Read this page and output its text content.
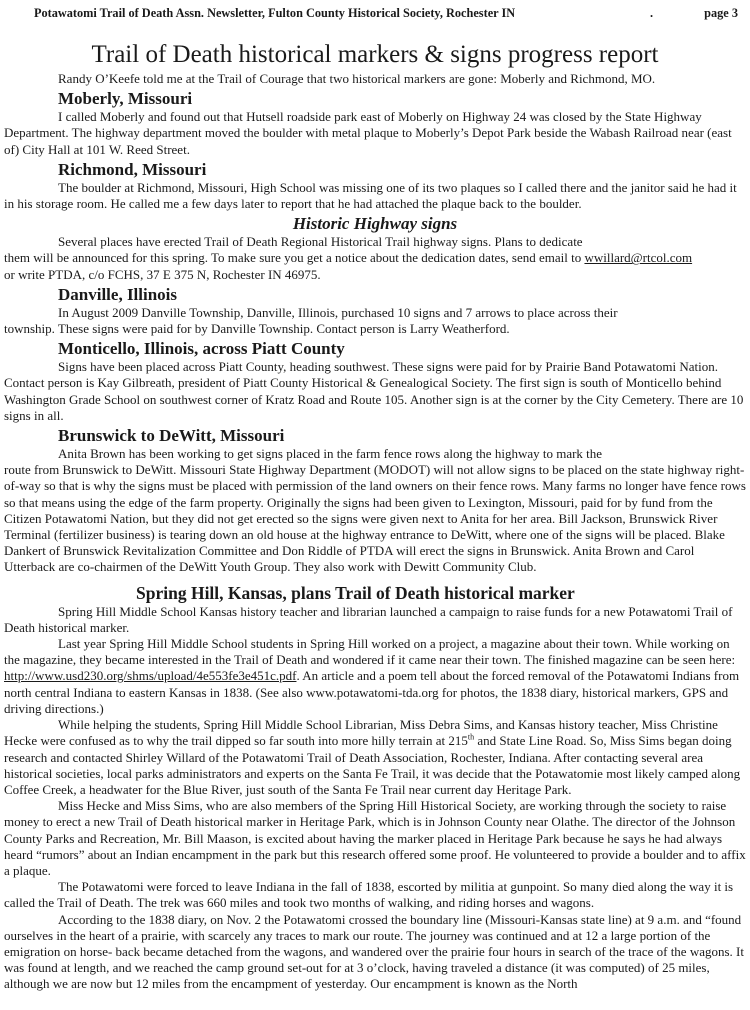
Potawatomi Trail of Death Assn. Newsletter, Fulton County Historical Society, Rochester IN	.	page 3
Trail of Death historical markers & signs progress report

Randy O’Keefe told me at the Trail of Courage that two historical markers are gone: Moberly and Richmond, MO.

Moberly, Missouri

I called Moberly and found out that Hutsell roadside park east of Moberly on Highway 24 was closed by the State Highway Department. The highway department moved the boulder with metal plaque to Moberly’s Depot Park beside the Wabash Railroad near (east of) City Hall at 101 W. Reed Street.

Richmond, Missouri

The boulder at Richmond, Missouri, High School was missing one of its two plaques so I called there and the janitor said he had it in his storage room. He called me a few days later to report that he had attached the plaque back to the boulder.

Historic Highway signs

Several places have erected Trail of Death Regional Historical Trail highway signs. Plans to dedicate
them will be announced for this spring. To make sure you get a notice about the dedication dates, send email to wwillard@rtcol.com
or write PTDA, c/o FCHS, 37 E 375 N, Rochester IN 46975.

Danville, Illinois

In August 2009 Danville Township, Danville, Illinois, purchased 10 signs and 7 arrows to place across their
township. These signs were paid for by Danville Township. Contact person is Larry Weatherford.

Monticello, Illinois, across Piatt County

Signs have been placed across Piatt County, heading southwest. These signs were paid for by Prairie Band Potawatomi Nation. Contact person is Kay Gilbreath, president of Piatt County Historical & Genealogical Society. The first sign is south of Monticello behind Washington Grade School on southwest corner of Kratz Road and Route 105. Another sign is at the corner by the City Cemetery. There are 10 signs in all.

Brunswick to DeWitt, Missouri

Anita Brown has been working to get signs placed in the farm fence rows along the highway to mark the
route from Brunswick to DeWitt. Missouri State Highway Department (MODOT) will not allow signs to be placed on the state highway right-of-way so that is why the signs must be placed with permission of the land owners on their fence rows. Many farms no longer have fence rows so that means using the edge of the farm property. Originally the signs had been given to Lexington, Missouri, paid for by fund from the Citizen Potawatomi Nation, but they did not get erected so the signs were given next to Anita for her area. Bill Jackson, Brunswick River Terminal (fertilizer business) is tearing down an old house at the highway entrance to DeWitt, where one of the signs will be placed. Blake Dankert of Brunswick Revitalization Committee and Don Riddle of PTDA will erect the signs in Brunswick. Anita Brown and Carol Utterback are co-chairmen of the DeWitt Youth Group. They also work with Dewitt Community Club.

Spring Hill, Kansas, plans Trail of Death historical marker

Spring Hill Middle School Kansas history teacher and librarian launched a campaign to raise funds for a new Potawatomi Trail of Death historical marker.

Last year Spring Hill Middle School students in Spring Hill worked on a project, a magazine about their town. While working on the magazine, they became interested in the Trail of Death and wondered if it came near their town. The finished magazine can be seen here: http://www.usd230.org/shms/upload/4e553fe3e451c.pdf. An article and a poem tell about the forced removal of the Potawatomi Indians from north central Indiana to eastern Kansas in 1838. (See also www.potawatomi-tda.org for photos, the 1838 diary, historical markers, GPS and driving directions.)

While helping the students, Spring Hill Middle School Librarian, Miss Debra Sims, and Kansas history teacher, Miss Christine Hecke were confused as to why the trail dipped so far south into more hilly terrain at 215th and State Line Road. So, Miss Sims began doing research and contacted Shirley Willard of the Potawatomi Trail of Death Association, Rochester, Indiana. After contacting several area historical societies, local parks administrators and experts on the Santa Fe Trail, it was decide that the Potawatomie most likely camped along Coffee Creek, a headwater for the Blue River, just south of the Santa Fe Trail near current day Heritage Park.

Miss Hecke and Miss Sims, who are also members of the Spring Hill Historical Society, are working through the society to raise money to erect a new Trail of Death historical marker in Heritage Park, which is in Johnson County near Olathe. The director of the Johnson County Parks and Recreation, Mr. Bill Maason, is excited about having the marker placed in Heritage Park because he says he had always heard “rumors” about an Indian encampment in the park but this research offered some proof. He volunteered to provide a boulder and to affix a plaque.

The Potawatomi were forced to leave Indiana in the fall of 1838, escorted by militia at gunpoint. So many died along the way it is called the Trail of Death. The trek was 660 miles and took two months of walking, and riding horses and wagons.

According to the 1838 diary, on Nov. 2 the Potawatomi crossed the boundary line (Missouri-Kansas state line) at 9 a.m. and “found ourselves in the heart of a prairie, with scarcely any traces to mark our route. The journey was continued and at 12 a large portion of the emigration on horse- back became detached from the wagons, and wandered over the prairie four hours in search of the trace of the wagons. It was found at length, and we reached the camp ground set-out for at 3 o’clock, having traveled a distance (it was computed) of 25 miles, although we are now but 12 miles from the encampment of yesterday. Our encampment is known as the North
